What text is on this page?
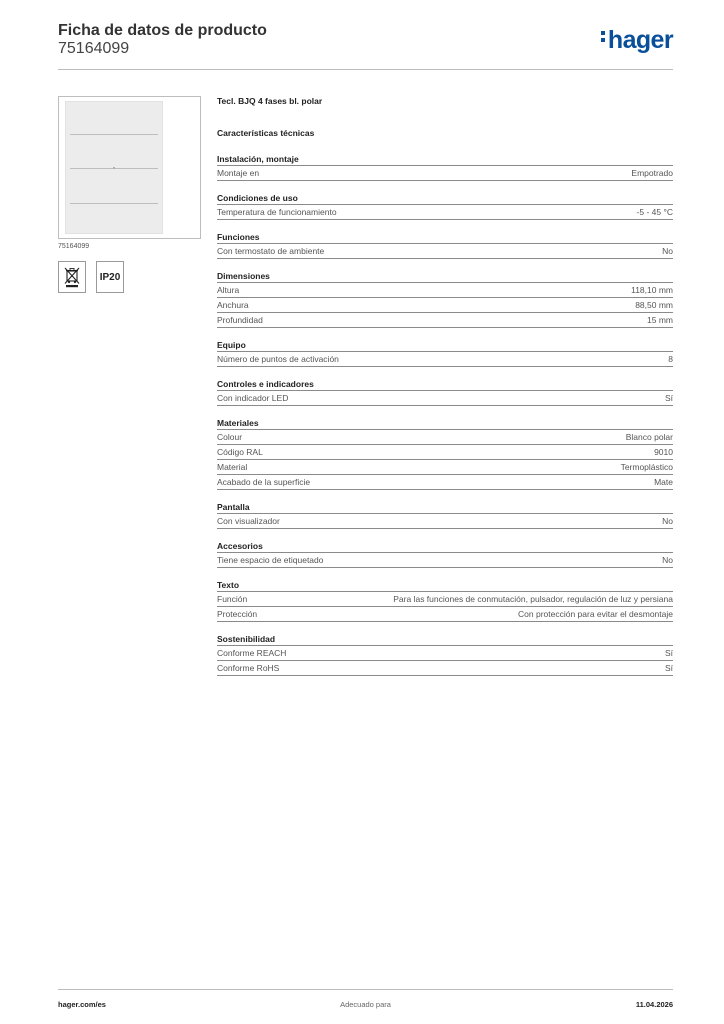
Ficha de datos de producto
75164099	hager
75164099
IP20
Tecl. BJQ 4 fases bl. polar
Características técnicas
Instalación, montaje
Montaje en	Empotrado
Condiciones de uso
Temperatura de funcionamiento	-5 - 45 °C
Funciones
Con termostato de ambiente	No
Dimensiones
Altura	118,10 mm
Anchura	88,50 mm
Profundidad	15 mm
Equipo
Número de puntos de activación	8
Controles e indicadores
Con indicador LED	Sí
Materiales
Colour	Blanco polar
Código RAL	9010
Material	Termoplástico
Acabado de la superficie	Mate
Pantalla
Con visualizador	No
Accesorios
Tiene espacio de etiquetado	No
Texto
Función	Para las funciones de conmutación, pulsador, regulación de luz y persiana
Protección	Con protección para evitar el desmontaje
Sostenibilidad
Conforme REACH	Sí
Conforme RoHS	Sí
hager.com/es	Adecuado para	11.04.2026
